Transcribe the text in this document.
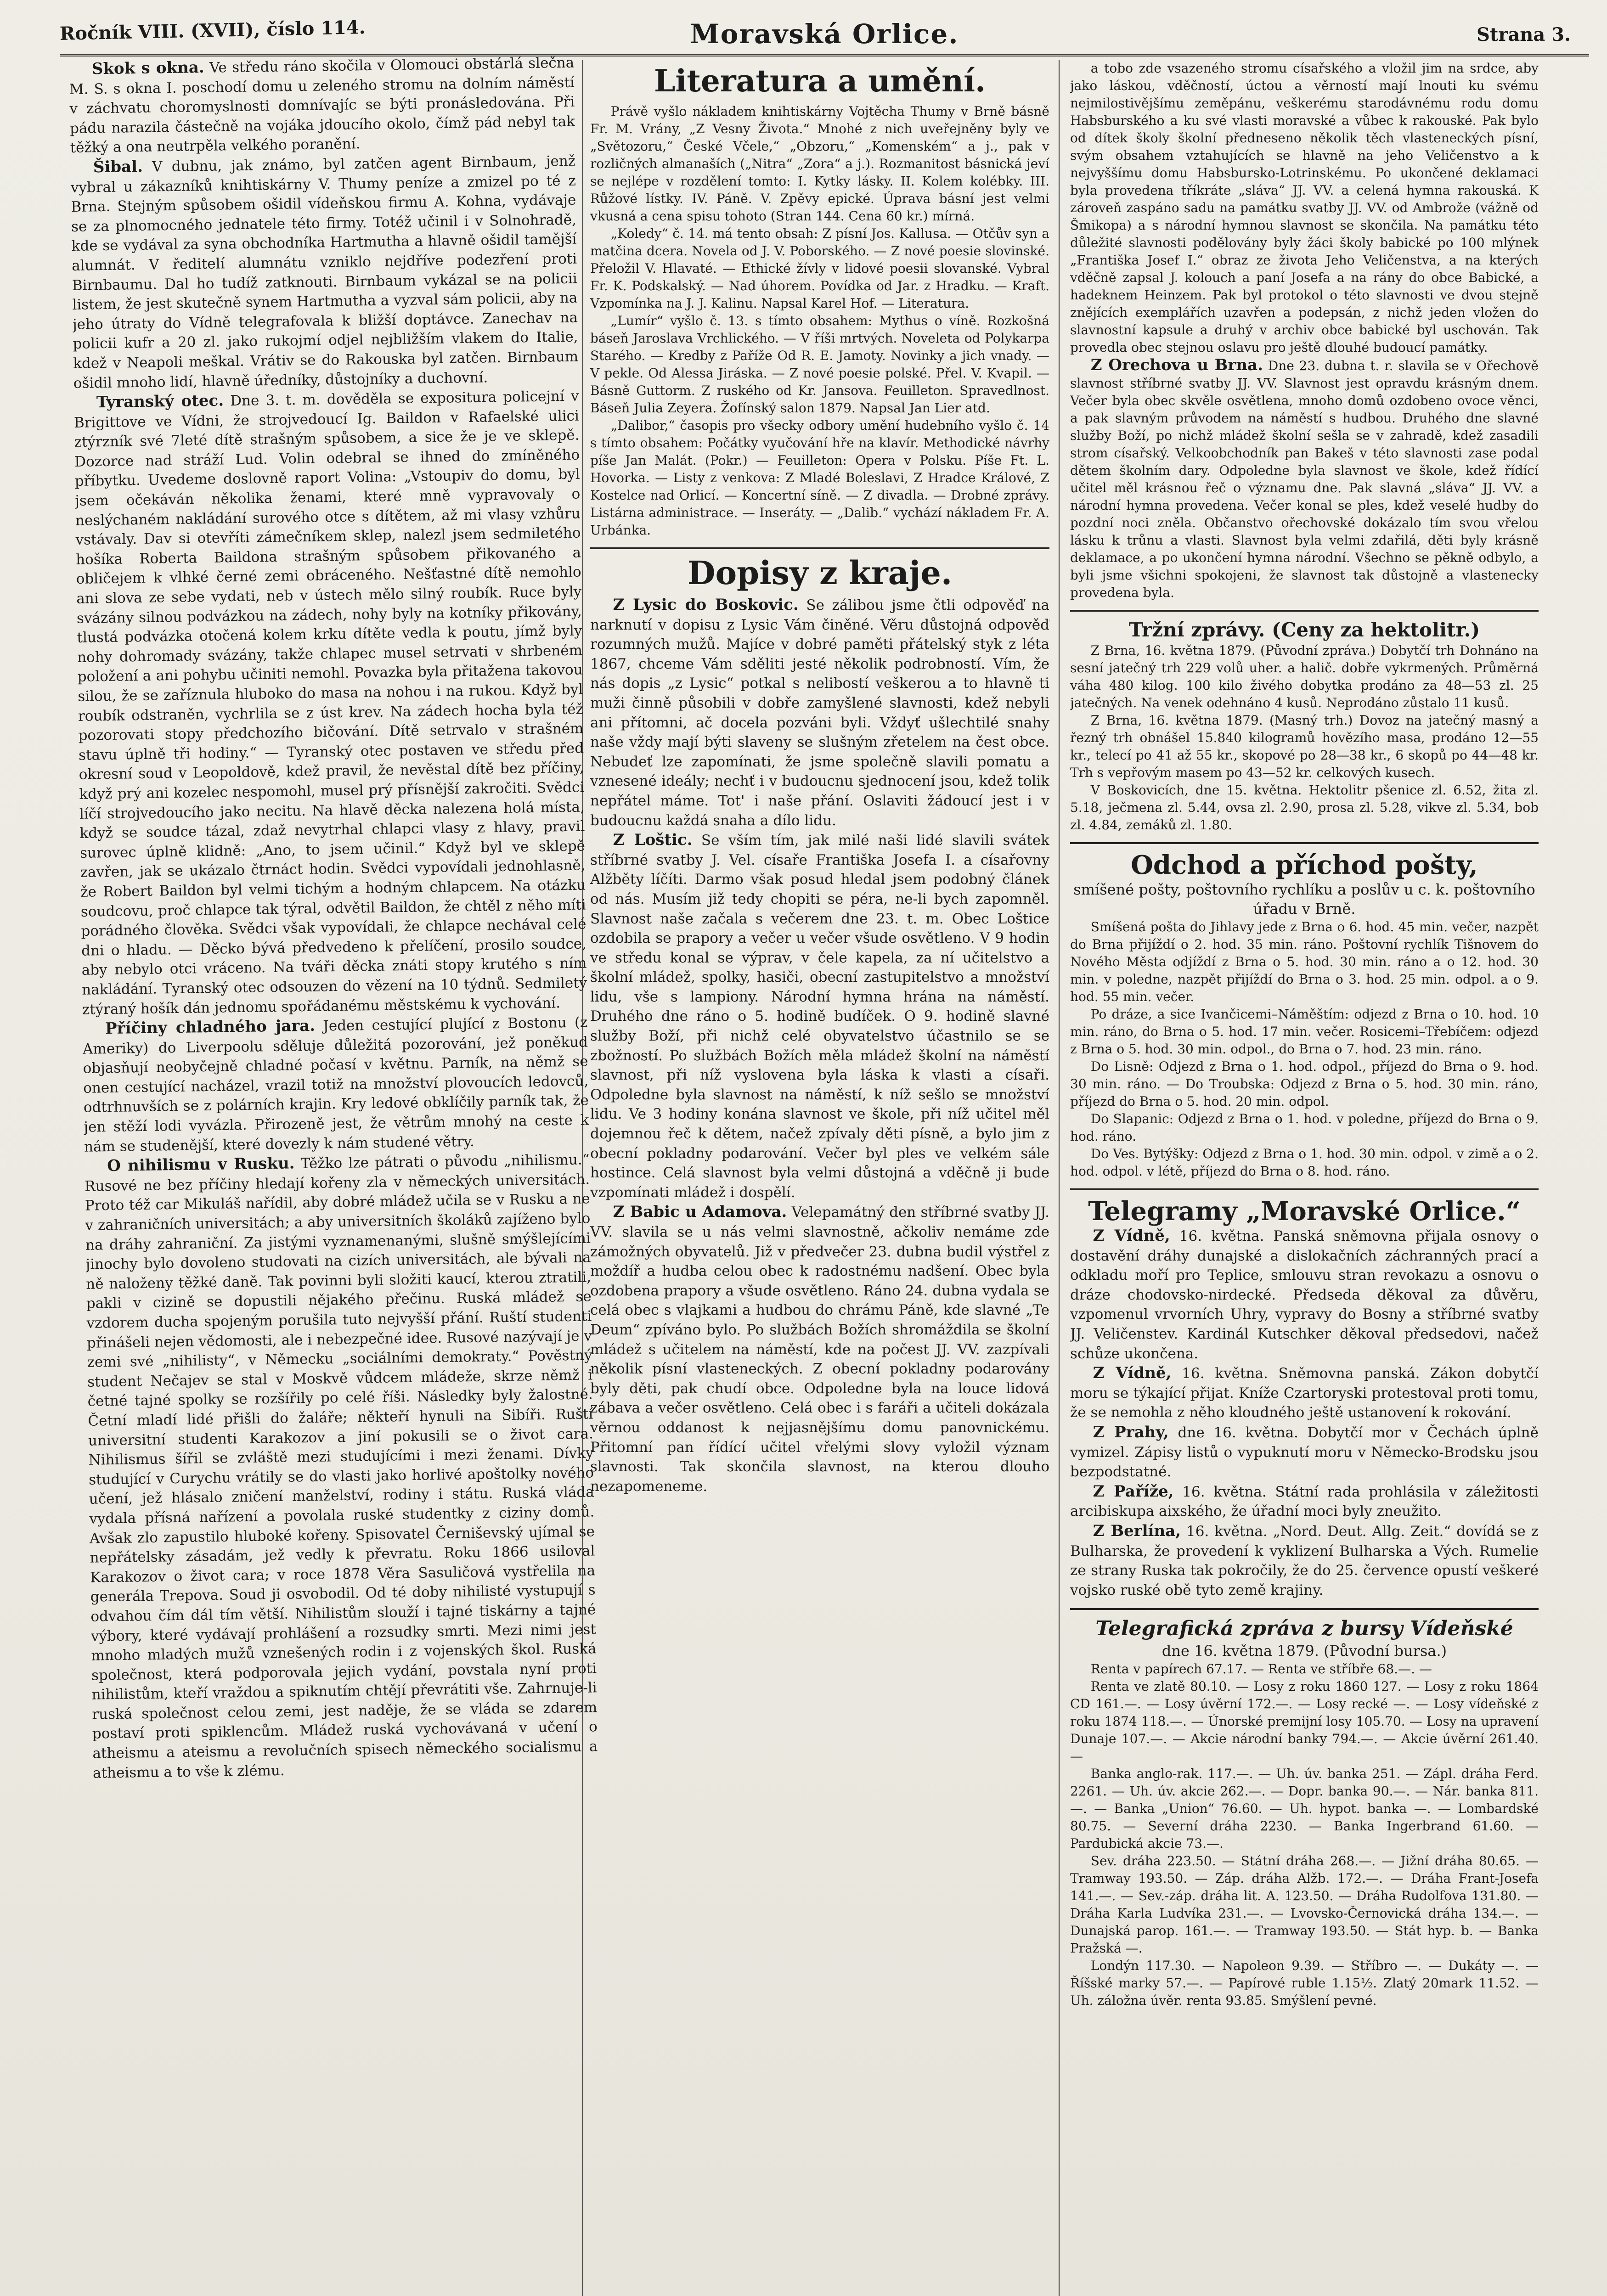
Ročník VIII. (XVII), číslo 114.	Moravská Orlice.	Strana 3.

Skok s okna. Ve středu ráno skočila v Olomouci obstárlá slečna M. S. s okna I. poschodí domu u zeleného stromu na dolním náměstí v záchvatu choromyslnosti domnívajíc se býti pronásledována. Při pádu narazila částečně na vojáka jdoucího okolo, čímž pád nebyl tak těžký a ona neutrpěla velkého poranění.

Šibal. V dubnu, jak známo, byl zatčen agent Birnbaum, jenž vybral u zákazníků knihtiskárny V. Thumy peníze a zmizel po té z Brna. Stejným spůsobem ošidil vídeňskou firmu A. Kohna, vydávaje se za plnomocného jednatele této firmy. Totéž učinil i v Solnohradě, kde se vydával za syna obchodníka Hartmutha a hlavně ošidil tamější alumnát. V ředitelí alumnátu vzniklo nejdříve podezření proti Birnbaumu. Dal ho tudíž zatknouti. Birnbaum vykázal se na policii listem, že jest skutečně synem Hartmutha a vyzval sám policii, aby na jeho útraty do Vídně telegrafovala k bližší doptávce. Zanechav na policii kufr a 20 zl. jako rukojmí odjel nejbližším vlakem do Italie, kdež v Neapoli meškal. Vrátiv se do Rakouska byl zatčen. Birnbaum ošidil mnoho lidí, hlavně úředníky, důstojníky a duchovní.

Tyranský otec. Dne 3. t. m. dověděla se expositura policejní v Brigittove ve Vídni, že strojvedoucí Ig. Baildon v Rafaelské ulici ztýrzník své 7leté dítě strašným spůsobem, a sice že je ve sklepě. Dozorce nad stráží Lud. Volin odebral se ihned do zmíněného příbytku. Uvedeme doslovně raport Volina: „Vstoupiv do domu, byl jsem očekáván několika ženami, které mně vypravovaly o neslýchaném nakládání surového otce s dítětem, až mi vlasy vzhůru vstávaly. Dav si otevříti zámečníkem sklep, nalezl jsem sedmiletého hošíka Roberta Baildona strašným spůsobem přikovaného a obličejem k vlhké černé zemi obráceného. Nešťastné dítě nemohlo ani slova ze sebe vydati, neb v ústech mělo silný roubík. Ruce byly svázány silnou podvázkou na zádech, nohy byly na kotníky přikovány, tlustá podvázka otočená kolem krku dítěte vedla k poutu, jímž byly nohy dohromady svázány, takže chlapec musel setrvati v shrbeném položení a ani pohybu učiniti nemohl. Povazka byla přitažena takovou silou, že se zaříznula hluboko do masa na nohou i na rukou. Když byl roubík odstraněn, vychrlila se z úst krev. Na zádech hocha byla též pozorovati stopy předchozího bičování. Dítě setrvalo v strašném stavu úplně tři hodiny.“ — Tyranský otec postaven ve středu před okresní soud v Leopoldově, kdež pravil, že nevěstal dítě bez příčiny, když prý ani kozelec nespomohl, musel prý přísnější zakročiti. Svědci líčí strojvedoucího jako necitu. Na hlavě děcka nalezena holá místa, když se soudce tázal, zdaž nevytrhal chlapci vlasy z hlavy, pravil surovec úplně klidně: „Ano, to jsem učinil.“ Když byl ve sklepě zavřen, jak se ukázalo čtrnáct hodin. Svědci vypovídali jednohlasně, že Robert Baildon byl velmi tichým a hodným chlapcem. Na otázku soudcovu, proč chlapce tak týral, odvětil Baildon, že chtěl z něho míti porádného člověka. Svědci však vypovídali, že chlapce nechával celé dni o hladu. — Děcko bývá předvedeno k přelíčení, prosilo soudce, aby nebylo otci vráceno. Na tváři děcka znáti stopy krutého s ním nakládání. Tyranský otec odsouzen do vězení na 10 týdnů. Sedmiletý ztýraný hošík dán jednomu spořádanému městskému k vychování.

Příčiny chladného jara. Jeden cestující plující z Bostonu (z Ameriky) do Liverpoolu sděluje důležitá pozorování, jež poněkud objasňují neobyčejně chladné počasí v květnu. Parník, na němž se onen cestující nacházel, vrazil totiž na množství plovoucích ledovců, odtrhnuvších se z polárních krajin. Kry ledové obklíčily parník tak, že jen stěží lodi vyvázla. Přirozeně jest, že větrům mnohý na ceste k nám se studenější, které dovezly k nám studené větry.

O nihilismu v Rusku. Těžko lze pátrati o původu „nihilismu.“ Rusové ne bez příčiny hledají kořeny zla v německých universitách. Proto též car Mikuláš nařídil, aby dobré mládež učila se v Rusku a ne v zahraničních universitách; a aby universitních školáků zajíženo bylo na dráhy zahraniční. Za jistými vyznamenanými, slušně smýšlejícími jinochy bylo dovoleno studovati na cizích universitách, ale bývali na ně naloženy těžké daně. Tak povinni byli složiti kaucí, kterou ztratili, pakli v cizině se dopustili nějakého přečinu. Ruská mládež se vzdorem ducha spojeným porušila tuto nejvyšší přání. Ruští studenti přinášeli nejen vědomosti, ale i nebezpečné idee. Rusové nazývají je v zemi své „nihilisty“, v Německu „sociálními demokraty.“ Pověstný student Nečajev se stal v Moskvě vůdcem mládeže, skrze němž i četné tajné spolky se rozšířily po celé říši. Následky byly žalostné. Četní mladí lidé přišli do žaláře; někteří hynuli na Sibíři. Ruští universitní studenti Karakozov a jiní pokusili se o život cara. Nihilismus šířil se zvláště mezi studujícími i mezi ženami. Dívky studující v Curychu vrátily se do vlasti jako horlivé apoštolky nového učení, jež hlásalo zničení manželství, rodiny i státu. Ruská vláda vydala přísná nařízení a povolala ruské studentky z ciziny domů. Avšak zlo zapustilo hluboké kořeny. Spisovatel Černiševský ujímal se nepřátelsky zásadám, jež vedly k převratu. Roku 1866 usiloval Karakozov o život cara; v roce 1878 Věra Sasuličová vystřelila na generála Trepova. Soud ji osvobodil. Od té doby nihilisté vystupují s odvahou čím dál tím větší. Nihilistům slouží i tajné tiskárny a tajné výbory, které vydávají prohlášení a rozsudky smrti. Mezi nimi jest mnoho mladých mužů vznešených rodin i z vojenských škol. Ruská společnost, která podporovala jejich vydání, povstala nyní proti nihilistům, kteří vraždou a spiknutím chtějí převrátiti vše. Zahrnuje-li ruská společnost celou zemi, jest naděje, že se vláda se zdarem postaví proti spiklencům. Mládež ruská vychovávaná v učení o atheismu a ateismu a revolučních spisech německého socialismu a atheismu a to vše k zlému.

Literatura a umění.

Právě vyšlo nákladem knihtiskárny Vojtěcha Thumy v Brně básně Fr. M. Vrány, „Z Vesny Života.“ Mnohé z nich uveřejněny byly ve „Světozoru,“ České Včele,“ „Obzoru,“ „Komenském“ a j., pak v rozličných almanaších („Nitra“ „Zora“ a j.). Rozmanitost básnická jeví se nejlépe v rozdělení tomto: I. Kytky lásky. II. Kolem kolébky. III. Růžové lístky. IV. Páně. V. Zpěvy epické. Úprava básní jest velmi vkusná a cena spisu tohoto (Stran 144. Cena 60 kr.) mírná.

„Koledy“ č. 14. má tento obsah: Z písní Jos. Kallusa. — Otčův syn a matčina dcera. Novela od J. V. Poborského. — Z nové poesie slovinské. Přeložil V. Hlavaté. — Ethické žívly v lidové poesii slovanské. Vybral Fr. K. Podskalský. — Nad úhorem. Povídka od Jar. z Hradku. — Kraft. Vzpomínka na J. J. Kalinu. Napsal Karel Hof. — Literatura.

„Lumír“ vyšlo č. 13. s tímto obsahem: Mythus o víně. Rozkošná báseň Jaroslava Vrchlického. — V říši mrtvých. Noveleta od Polykarpa Starého. — Kredby z Paříže Od R. E. Jamoty. Novinky a jich vnady. — V pekle. Od Alessa Jiráska. — Z nové poesie polské. Přel. V. Kvapil. — Básně Guttorm. Z ruského od Kr. Jansova. Feuilleton. Spravedlnost. Báseň Julia Zeyera. Žofínský salon 1879. Napsal Jan Lier atd.

„Dalibor,“ časopis pro všecky odbory umění hudebního vyšlo č. 14 s tímto obsahem: Počátky vyučování hře na klavír. Methodické návrhy píše Jan Malát. (Pokr.) — Feuilleton: Opera v Polsku. Píše Ft. L. Hovorka. — Listy z venkova: Z Mladé Boleslavi, Z Hradce Králové, Z Kostelce nad Orlicí. — Koncertní síně. — Z divadla. — Drobné zprávy. Listárna administrace. — Inseráty. — „Dalib.“ vychází nákladem Fr. A. Urbánka.

Dopisy z kraje.

Z Lysic do Boskovic. Se zálibou jsme čtli odpověď na narknutí v dopisu z Lysic Vám činěné. Věru důstojná odpověď rozumných mužů. Majíce v dobré paměti přátelský styk z léta 1867, chceme Vám sděliti jesté několik podrobností. Vím, že nás dopis „z Lysic“ potkal s nelibostí veškerou a to hlavně ti muži činně působili v dobře zamyšlené slavnosti, kdež nebyli ani přítomni, ač docela pozváni byli. Vždyť ušlechtilé snahy naše vždy mají býti slaveny se slušným zřetelem na čest obce. Nebudeť lze zapomínati, že jsme společně slavili pomatu a vznesené ideály; nechť i v budoucnu sjednocení jsou, kdež tolik nepřátel máme. Tot' i naše přání. Oslaviti žádoucí jest i v budoucnu každá snaha a dílo lidu.

Z Loštic. Se vším tím, jak milé naši lidé slavili svátek stříbrné svatby J. Vel. císaře Františka Josefa I. a císařovny Alžběty líčíti. Darmo však posud hledal jsem podobný článek od nás. Musím již tedy chopiti se péra, ne-li bych zapomněl. Slavnost naše začala s večerem dne 23. t. m. Obec Loštice ozdobila se prapory a večer u večer všude osvětleno. V 9 hodin ve středu konal se výprav, v čele kapela, za ní učitelstvo a školní mládež, spolky, hasiči, obecní zastupitelstvo a množství lidu, vše s lampiony. Národní hymna hrána na náměstí. Druhého dne ráno o 5. hodině budíček. O 9. hodině slavné služby Boží, při nichž celé obyvatelstvo účastnilo se se zbožností. Po službách Božích měla mládež školní na náměstí slavnost, při níž vyslovena byla láska k vlasti a císaři. Odpoledne byla slavnost na náměstí, k níž sešlo se množství lidu. Ve 3 hodiny konána slavnost ve škole, při níž učitel měl dojemnou řeč k dětem, načež zpívaly děti písně, a bylo jim z obecní pokladny podarování. Večer byl ples ve velkém sále hostince. Celá slavnost byla velmi důstojná a vděčně ji bude vzpomínati mládež i dospělí.

Z Babic u Adamova. Velepamátný den stříbrné svatby JJ. VV. slavila se u nás velmi slavnostně, ačkoliv nemáme zde zámožných obyvatelů. Již v předvečer 23. dubna budil výstřel z moždíř a hudba celou obec k radostnému nadšení. Obec byla ozdobena prapory a všude osvětleno. Ráno 24. dubna vydala se celá obec s vlajkami a hudbou do chrámu Páně, kde slavné „Te Deum“ zpíváno bylo. Po službách Božích shromáždila se školní mládež s učitelem na náměstí, kde na počest JJ. VV. zazpívali několik písní vlasteneckých. Z obecní pokladny podarovány byly děti, pak chudí obce. Odpoledne byla na louce lidová zábava a večer osvětleno. Celá obec i s faráři a učiteli dokázala věrnou oddanost k nejjasnějšímu domu panovnickému. Přitomní pan řídící učitel vřelými slovy vyložil význam slavnosti. Tak skončila slavnost, na kterou dlouho nezapomeneme.

a tobo zde vsazeného stromu císařského a vložil jim na srdce, aby jako láskou, vděčností, úctou a věrností mají lnouti ku svému nejmilostivějšímu zeměpánu, veškerému starodávnému rodu domu Habsburského a ku své vlasti moravské a vůbec k rakouské. Pak bylo od dítek školy školní předneseno několik těch vlasteneckých písní, svým obsahem vztahujících se hlavně na jeho Veličenstvo a k nejvyššímu domu Habsbursko-Lotrinskému. Po ukončené deklamaci byla provedena tříkráte „sláva“ JJ. VV. a celená hymna rakouská. K zároveň zaspáno sadu na památku svatby JJ. VV. od Ambrože (vážně od Šmikopa) a s národní hymnou slavnost se skončila. Na památku této důležité slavnosti podělovány byly žáci školy babické po 100 mlýnek „Františka Josef I.“ obraz ze života Jeho Veličenstva, a na kterých vděčně zapsal J. kolouch a paní Josefa a na rány do obce Babické, a hadeknem Heinzem. Pak byl protokol o této slavnosti ve dvou stejně znějících exemplářích uzavřen a podepsán, z nichž jeden vložen do slavnostní kapsule a druhý v archiv obce babické byl uschován. Tak provedla obec stejnou oslavu pro ještě dlouhé budoucí památky.

Z Orechova u Brna. Dne 23. dubna t. r. slavila se v Ořechově slavnost stříbrné svatby JJ. VV. Slavnost jest opravdu krásným dnem. Večer byla obec skvěle osvětlena, mnoho domů ozdobeno ovoce věnci, a pak slavným průvodem na náměstí s hudbou. Druhého dne slavné služby Boží, po nichž mládež školní sešla se v zahradě, kdež zasadili strom císařský. Velkoobchodník pan Bakeš v této slavnosti zase podal dětem školním dary. Odpoledne byla slavnost ve škole, kdež řídící učitel měl krásnou řeč o významu dne. Pak slavná „sláva“ JJ. VV. a národní hymna provedena. Večer konal se ples, kdež veselé hudby do pozdní noci zněla. Občanstvo ořechovské dokázalo tím svou vřelou lásku k trůnu a vlasti. Slavnost byla velmi zdařilá, děti byly krásně deklamace, a po ukončení hymna národní. Všechno se pěkně odbylo, a byli jsme všichni spokojeni, že slavnost tak důstojně a vlastenecky provedena byla.

Tržní zprávy. (Ceny za hektolitr.)

Z Brna, 16. května 1879. (Původní zpráva.) Dobytčí trh Dohnáno na sesní jatečný trh 229 volů uher. a halič. dobře vykrmených. Průměrná váha 480 kilog. 100 kilo živého dobytka prodáno za 48—53 zl. 25 jatečných. Na venek odehnáno 4 kusů. Neprodáno zůstalo 11 kusů.

Z Brna, 16. května 1879. (Masný trh.) Dovoz na jatečný masný a řezný trh obnášel 15.840 kilogramů hovězího masa, prodáno 12—55 kr., telecí po 41 až 55 kr., skopové po 28—38 kr., 6 skopů po 44—48 kr. Trh s vepřovým masem po 43—52 kr. celkových kusech.

V Boskovicích, dne 15. května. Hektolitr pšenice zl. 6.52, žita zl. 5.18, ječmena zl. 5.44, ovsa zl. 2.90, prosa zl. 5.28, vikve zl. 5.34, bob zl. 4.84, zemáků zl. 1.80.

Odchod a příchod pošty,
smíšené pošty, poštovního rychlíku a poslův u c. k. poštovního úřadu v Brně.

Smíšená pošta do Jihlavy jede z Brna o 6. hod. 45 min. večer, nazpět do Brna přijíždí o 2. hod. 35 min. ráno. Poštovní rychlík Tišnovem do Nového Města odjíždí z Brna o 5. hod. 30 min. ráno a o 12. hod. 30 min. v poledne, nazpět přijíždí do Brna o 3. hod. 25 min. odpol. a o 9. hod. 55 min. večer.

Po dráze, a sice Ivančicemi–Náměštím: odjezd z Brna o 10. hod. 10 min. ráno, do Brna o 5. hod. 17 min. večer. Rosicemi–Třebíčem: odjezd z Brna o 5. hod. 30 min. odpol., do Brna o 7. hod. 23 min. ráno.

Do Lisně: Odjezd z Brna o 1. hod. odpol., příjezd do Brna o 9. hod. 30 min. ráno. — Do Troubska: Odjezd z Brna o 5. hod. 30 min. ráno, příjezd do Brna o 5. hod. 20 min. odpol.

Do Slapanic: Odjezd z Brna o 1. hod. v poledne, příjezd do Brna o 9. hod. ráno.

Do Ves. Bytýšky: Odjezd z Brna o 1. hod. 30 min. odpol. v zimě a o 2. hod. odpol. v létě, příjezd do Brna o 8. hod. ráno.

Telegramy „Moravské Orlice.“

Z Vídně, 16. května. Panská sněmovna přijala osnovy o dostavění dráhy dunajské a dislokačních záchranných prací a odkladu moří pro Teplice, smlouvu stran revokazu a osnovu o dráze chodovsko-nirdecké. Předseda děkoval za důvěru, vzpomenul vrvorních Uhry, vypravy do Bosny a stříbrné svatby JJ. Veličenstev. Kardinál Kutschker děkoval předsedovi, načež schůze ukončena.

Z Vídně, 16. května. Sněmovna panská. Zákon dobytčí moru se týkající přijat. Kníže Czartoryski protestoval proti tomu, že se nemohla z něho kloudného ještě ustanovení k rokování.

Z Prahy, dne 16. května. Dobytčí mor v Čechách úplně vymizel. Zápisy listů o vypuknutí moru v Německo-Brodsku jsou bezpodstatné.

Z Paříže, 16. května. Státní rada prohlásila v záležitosti arcibiskupa aixského, že úřadní moci byly zneužito.

Z Berlína, 16. května. „Nord. Deut. Allg. Zeit.“ dovídá se z Bulharska, že provedení k vyklizení Bulharska a Vých. Rumelie ze strany Ruska tak pokročily, že do 25. července opustí veškeré vojsko ruské obě tyto země krajiny.

Telegrafická zpráva z bursy Vídeňské
dne 16. května 1879. (Původní bursa.)

Renta v papírech 67.17. — Renta ve stříbře 68.—. —

Renta ve zlatě 80.10. — Losy z roku 1860 127. — Losy z roku 1864 CD 161.—. — Losy úvěrní 172.—. — Losy recké —. — Losy vídeňské z roku 1874 118.—. — Únorské premijní losy 105.70. — Losy na upravení Dunaje 107.—. — Akcie národní banky 794.—. — Akcie úvěrní 261.40. —

Banka anglo-rak. 117.—. — Uh. úv. banka 251. — Zápl. dráha Ferd. 2261. — Uh. úv. akcie 262.—. — Dopr. banka 90.—. — Nár. banka 811.—. — Banka „Union“ 76.60. — Uh. hypot. banka —. — Lombardské 80.75. — Severní dráha 2230. — Banka Ingerbrand 61.60. — Pardubická akcie 73.—.

Sev. dráha 223.50. — Státní dráha 268.—. — Jižní dráha 80.65. — Tramway 193.50. — Záp. dráha Alžb. 172.—. — Dráha Frant-Josefa 141.—. — Sev.-záp. dráha lit. A. 123.50. — Dráha Rudolfova 131.80. — Dráha Karla Ludvíka 231.—. — Lvovsko-Černovická dráha 134.—. — Dunajská parop. 161.—. — Tramway 193.50. — Stát hyp. b. — Banka Pražská —.

Londýn 117.30. — Napoleon 9.39. — Stříbro —. — Dukáty —. — Říšské marky 57.—. — Papírové ruble 1.15½. Zlatý 20mark 11.52. — Uh. záložna úvěr. renta 93.85. Smýšlení pevné.
